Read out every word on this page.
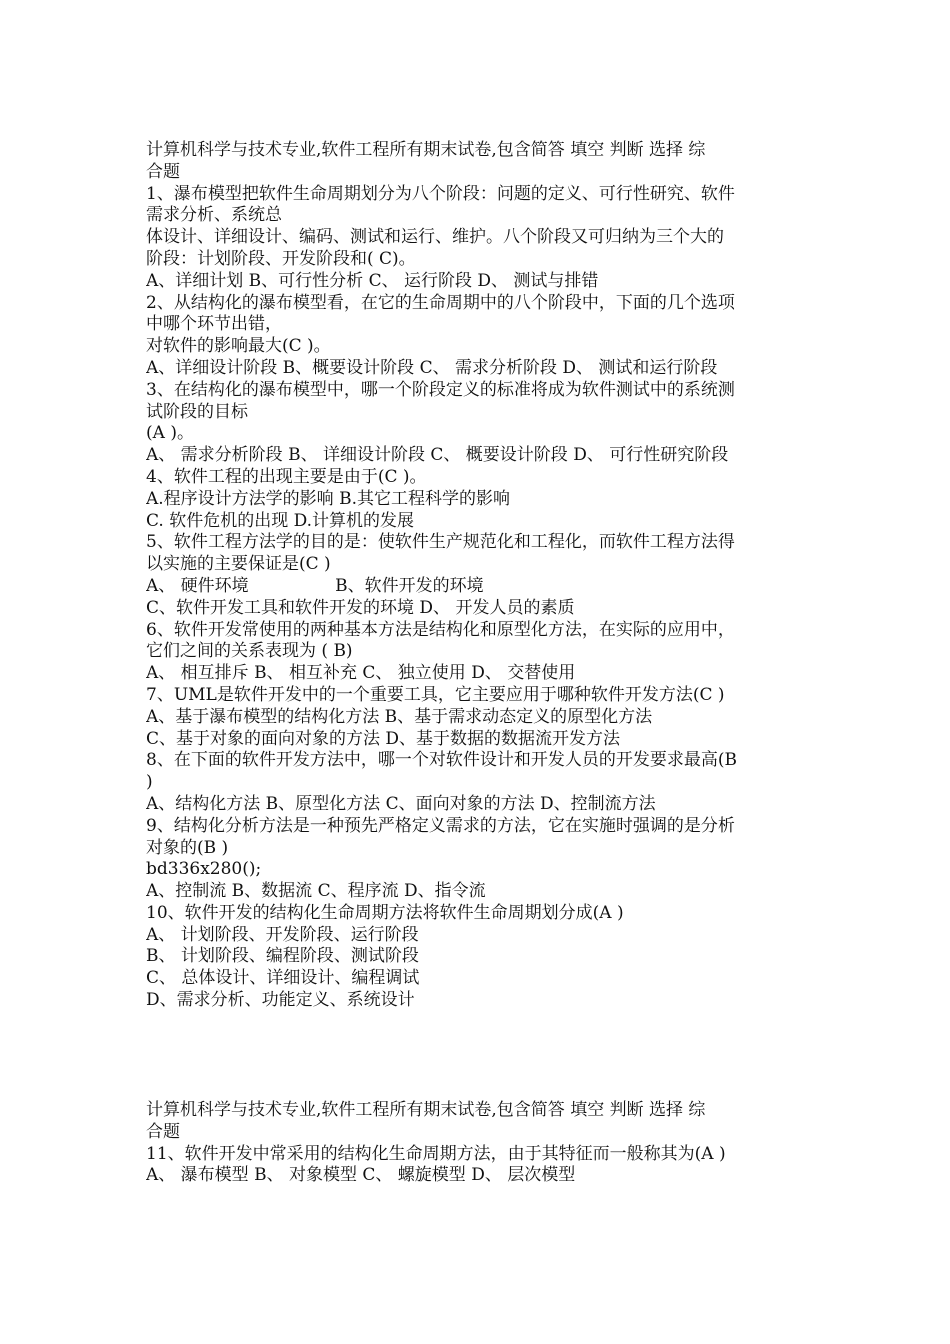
计算机科学与技术专业,软件工程所有期末试卷,包含简答 填空 判断 选择 综
合题
1、瀑布模型把软件生命周期划分为八个阶段：问题的定义、可行性研究、软件
需求分析、系统总
体设计、详细设计、编码、测试和运行、维护。八个阶段又可归纳为三个大的
阶段：计划阶段、开发阶段和( C)。
A、详细计划 B、可行性分析 C、 运行阶段 D、 测试与排错
2、从结构化的瀑布模型看，在它的生命周期中的八个阶段中，下面的几个选项
中哪个环节出错，
对软件的影响最大(C )。
A、详细设计阶段 B、概要设计阶段 C、 需求分析阶段 D、 测试和运行阶段
3、在结构化的瀑布模型中，哪一个阶段定义的标准将成为软件测试中的系统测
试阶段的目标
(A )。
A、 需求分析阶段 B、 详细设计阶段 C、 概要设计阶段 D、 可行性研究阶段
4、软件工程的出现主要是由于(C )。
A.程序设计方法学的影响 B.其它工程科学的影响
C. 软件危机的出现 D.计算机的发展
5、软件工程方法学的目的是：使软件生产规范化和工程化，而软件工程方法得
以实施的主要保证是(C )
A、 硬件环境                B、软件开发的环境
C、软件开发工具和软件开发的环境 D、 开发人员的素质
6、软件开发常使用的两种基本方法是结构化和原型化方法，在实际的应用中，
它们之间的关系表现为 ( B)
A、 相互排斥 B、 相互补充 C、 独立使用 D、 交替使用
7、UML是软件开发中的一个重要工具，它主要应用于哪种软件开发方法(C )
A、基于瀑布模型的结构化方法 B、基于需求动态定义的原型化方法
C、基于对象的面向对象的方法 D、基于数据的数据流开发方法
8、在下面的软件开发方法中，哪一个对软件设计和开发人员的开发要求最高(B
)
A、结构化方法 B、原型化方法 C、面向对象的方法 D、控制流方法
9、结构化分析方法是一种预先严格定义需求的方法，它在实施时强调的是分析
对象的(B )
bd336x280();
A、控制流 B、数据流 C、程序流 D、指令流
10、软件开发的结构化生命周期方法将软件生命周期划分成(A )
A、 计划阶段、开发阶段、运行阶段
B、 计划阶段、编程阶段、测试阶段
C、 总体设计、详细设计、编程调试
D、需求分析、功能定义、系统设计
计算机科学与技术专业,软件工程所有期末试卷,包含简答 填空 判断 选择 综
合题
11、软件开发中常采用的结构化生命周期方法，由于其特征而一般称其为(A )
A、 瀑布模型 B、 对象模型 C、 螺旋模型 D、 层次模型
